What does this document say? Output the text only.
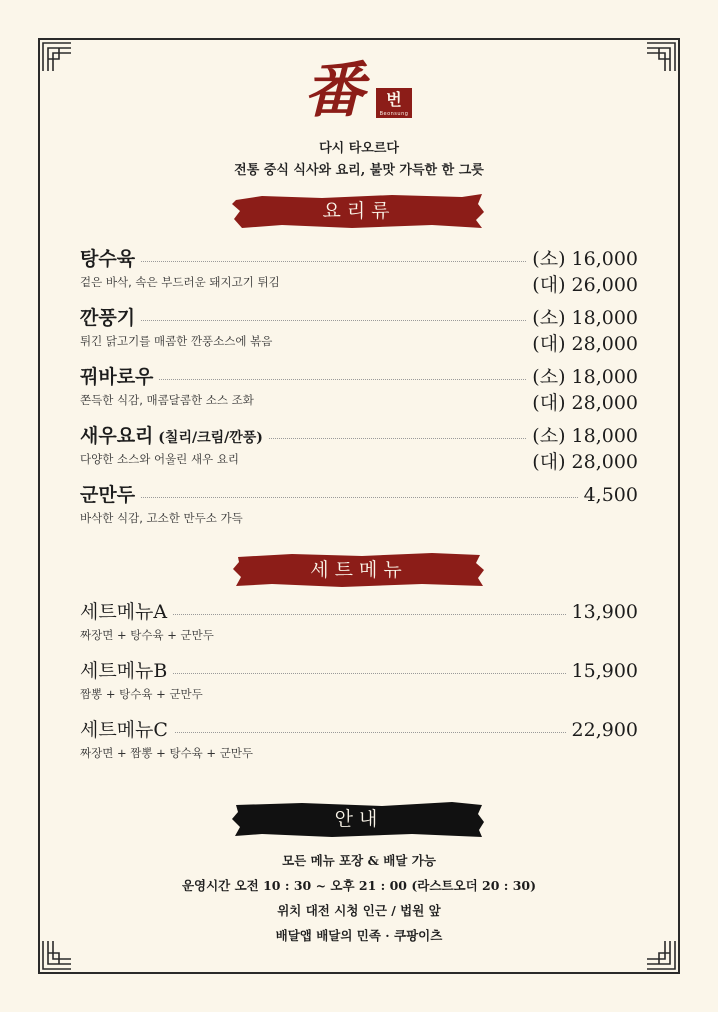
番	번
Beonsung
다시 타오르다
전통 중식 식사와 요리, 불맛 가득한 한 그릇
요리류
탕수육	(소) 16,000
(대) 26,000
겉은 바삭, 속은 부드러운 돼지고기 튀김
깐풍기	(소) 18,000
(대) 28,000
튀긴 닭고기를 매콤한 깐풍소스에 볶음
꿔바로우	(소) 18,000
(대) 28,000
쫀득한 식감, 매콤달콤한 소스 조화
새우요리 (칠리/크림/깐풍)	(소) 18,000
(대) 28,000
다양한 소스와 어울린 새우 요리
군만두	4,500
바삭한 식감, 고소한 만두소 가득
세트메뉴
세트메뉴A	13,900
짜장면 + 탕수육 + 군만두
세트메뉴B	15,900
짬뽕 + 탕수육 + 군만두
세트메뉴C	22,900
짜장면 + 짬뽕 + 탕수육 + 군만두
안내
모든 메뉴 포장 & 배달 가능
운영시간 오전 10 : 30 ~ 오후 21 : 00 (라스트오더 20 : 30)
위치 대전 시청 인근 / 법원 앞
배달앱 배달의 민족 · 쿠팡이츠
